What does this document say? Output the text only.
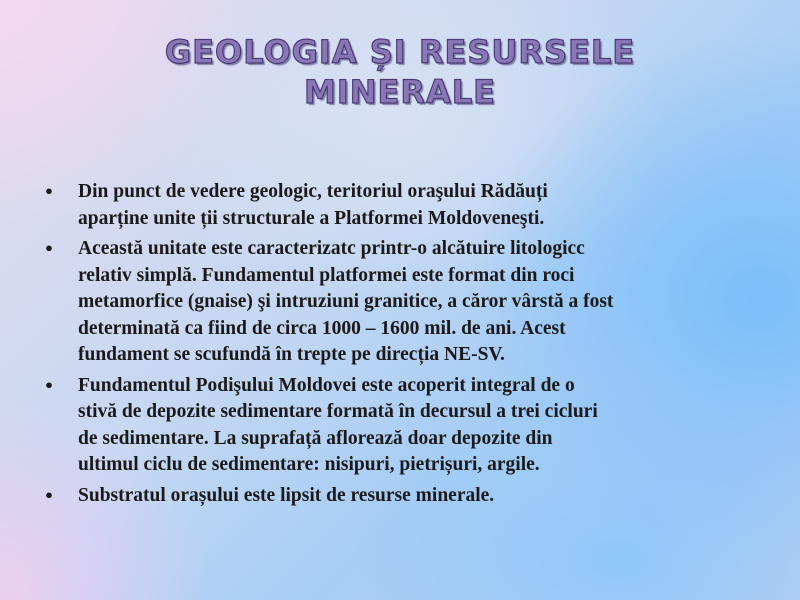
GEOLOGIA ȘI RESURSELE
MINERALE
• Din punct de vedere geologic, teritoriul oraşului Rădăuți
aparține unite ții structurale a Platformei Moldoveneşti.
• Această unitate este caracterizatc printr-o alcătuire litologicc
relativ simplă. Fundamentul platformei este format din roci
metamorfice (gnaise) şi intruziuni granitice, a căror vârstă a fost
determinată ca fiind de circa 1000 – 1600 mil. de ani. Acest
fundament se scufundă în trepte pe direcția NE-SV.
• Fundamentul Podişului Moldovei este acoperit integral de o
stivă de depozite sedimentare formată în decursul a trei cicluri
de sedimentare. La suprafață aflorează doar depozite din
ultimul ciclu de sedimentare: nisipuri, pietrișuri, argile.
• Substratul orașului este lipsit de resurse minerale.
